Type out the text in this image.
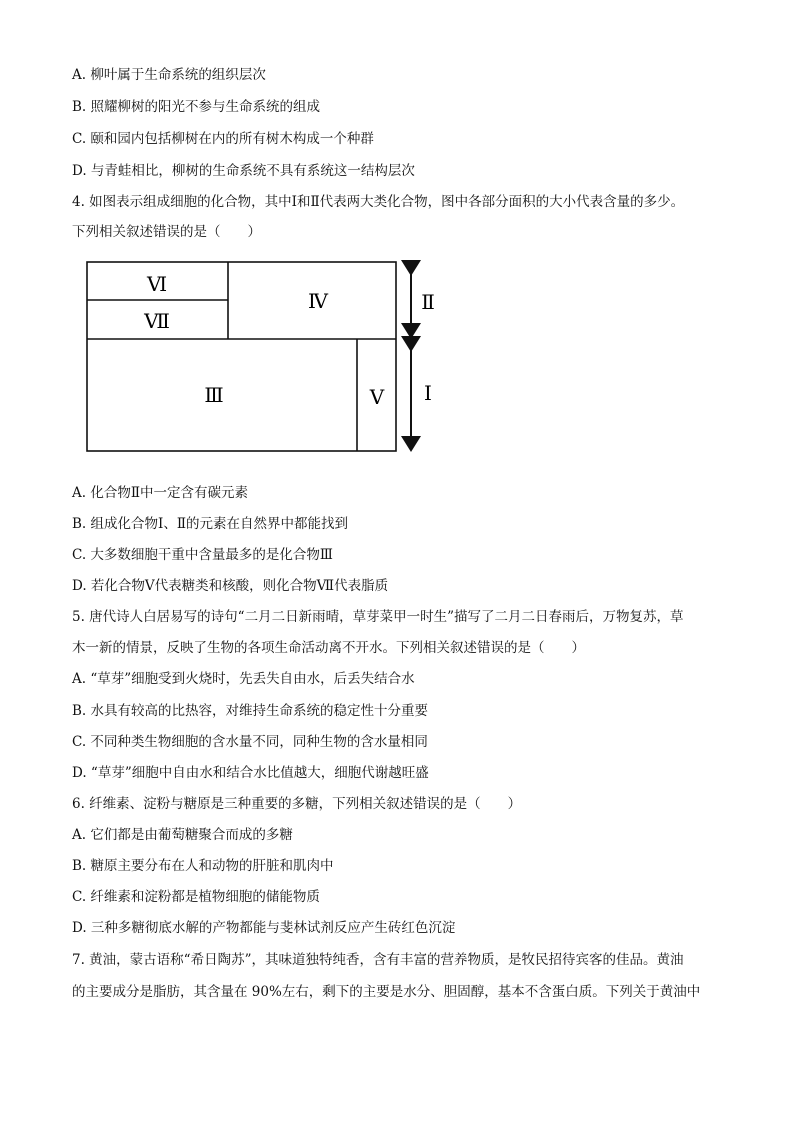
A. 柳叶属于生命系统的组织层次
B. 照耀柳树的阳光不参与生命系统的组成
C. 颐和园内包括柳树在内的所有树木构成一个种群
D. 与青蛙相比，柳树的生命系统不具有系统这一结构层次
4. 如图表示组成细胞的化合物，其中Ⅰ和Ⅱ代表两大类化合物，图中各部分面积的大小代表含量的多少。
下列相关叙述错误的是（　　）
Ⅵ
Ⅶ
Ⅳ
Ⅲ	Ⅴ
Ⅱ
Ⅰ
A. 化合物Ⅱ中一定含有碳元素
B. 组成化合物Ⅰ、Ⅱ的元素在自然界中都能找到
C. 大多数细胞干重中含量最多的是化合物Ⅲ
D. 若化合物Ⅴ代表糖类和核酸，则化合物Ⅶ代表脂质
5. 唐代诗人白居易写的诗句“二月二日新雨晴，草芽菜甲一时生”描写了二月二日春雨后，万物复苏，草
木一新的情景，反映了生物的各项生命活动离不开水。下列相关叙述错误的是（　　）
A. “草芽”细胞受到火烧时，先丢失自由水，后丢失结合水
B. 水具有较高的比热容，对维持生命系统的稳定性十分重要
C. 不同种类生物细胞的含水量不同，同种生物的含水量相同
D. “草芽”细胞中自由水和结合水比值越大，细胞代谢越旺盛
6. 纤维素、淀粉与糖原是三种重要的多糖，下列相关叙述错误的是（　　）
A. 它们都是由葡萄糖聚合而成的多糖
B. 糖原主要分布在人和动物的肝脏和肌肉中
C. 纤维素和淀粉都是植物细胞的储能物质
D. 三种多糖彻底水解的产物都能与斐林试剂反应产生砖红色沉淀
7. 黄油，蒙古语称“希日陶苏”，其味道独特纯香，含有丰富的营养物质，是牧民招待宾客的佳品。黄油
的主要成分是脂肪，其含量在 90%左右，剩下的主要是水分、胆固醇，基本不含蛋白质。下列关于黄油中
